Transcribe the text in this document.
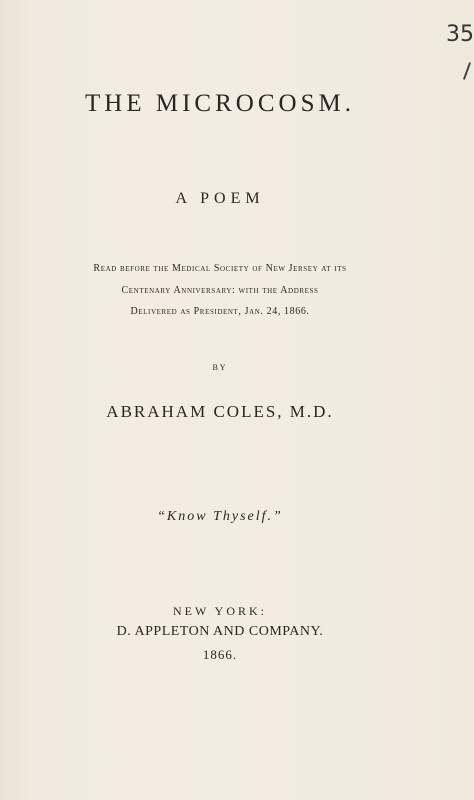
35
THE MICROCOSM.
A POEM
Read before the Medical Society of New Jersey at its
Centenary Anniversary: with the Address
Delivered as President, Jan. 24, 1866.
BY
ABRAHAM COLES, M.D.
“Know Thyself.”
NEW YORK:
D. APPLETON AND COMPANY.
1866.
